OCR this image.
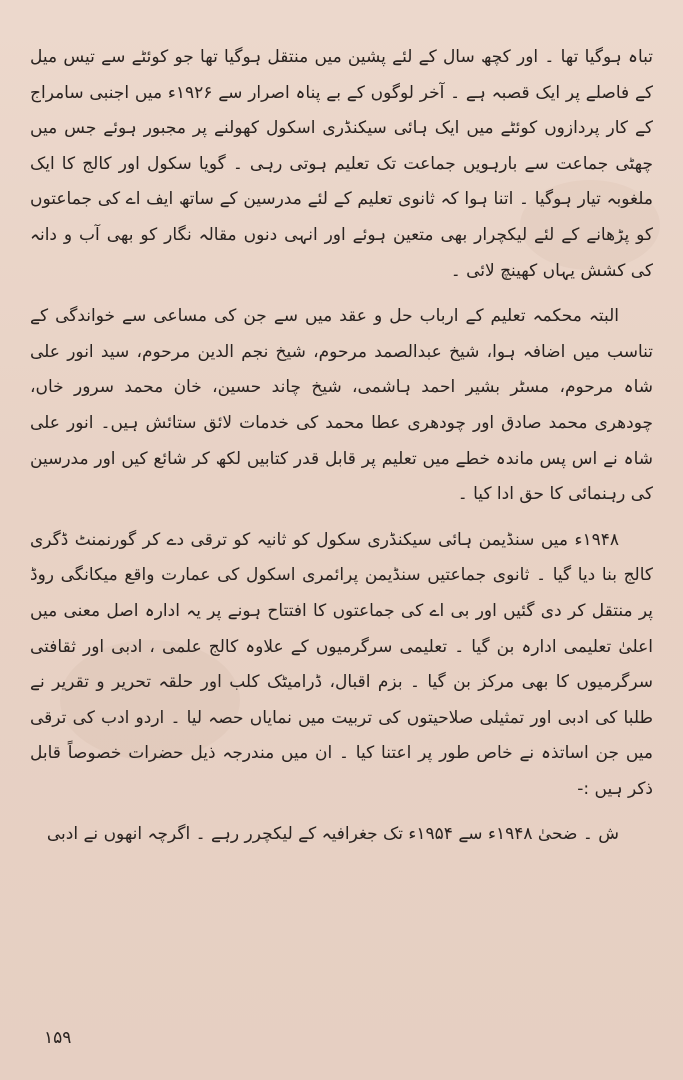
تباہ ہوگیا تھا ۔ اور کچھ سال کے لئے پشین میں منتقل ہوگیا تھا جو کوئٹے سے تیس میل کے فاصلے پر ایک قصبہ ہے ۔ آخر لوگوں کے بے پناہ اصرار سے ۱۹۲۶ء میں اجنبی سامراج کے کار پردازوں کوئٹے میں ایک ہائی سیکنڈری اسکول کھولنے پر مجبور ہوئے جس میں چھٹی جماعت سے بارہویں جماعت تک تعلیم ہوتی رہی ۔ گویا سکول اور کالج کا ایک ملغوبہ تیار ہوگیا ۔ اتنا ہوا کہ ثانوی تعلیم کے لئے مدرسین کے ساتھ ایف اے کی جماعتوں کو پڑھانے کے لئے لیکچرار بھی متعین ہوئے اور انہی دنوں مقالہ نگار کو بھی آب و دانہ کی کشش یہاں کھینچ لائی ۔

البتہ محکمہ تعلیم کے ارباب حل و عقد میں سے جن کی مساعی سے خواندگی کے تناسب میں اضافہ ہوا، شیخ عبدالصمد مرحوم، شیخ نجم الدین مرحوم، سید انور علی شاہ مرحوم، مسٹر بشیر احمد ہاشمی، شیخ چاند حسین، خان محمد سرور خاں، چودھری محمد صادق اور چودھری عطا محمد کی خدمات لائق ستائش ہیں۔ انور علی شاہ نے اس پس ماندہ خطے میں تعلیم پر قابل قدر کتابیں لکھ کر شائع کیں اور مدرسین کی رہنمائی کا حق ادا کیا ۔

۱۹۴۸ء میں سنڈیمن ہائی سیکنڈری سکول کو ثانیہ کو ترقی دے کر گورنمنٹ ڈگری کالج بنا دیا گیا ۔ ثانوی جماعتیں سنڈیمن پرائمری اسکول کی عمارت واقع میکانگی روڈ پر منتقل کر دی گئیں اور بی اے کی جماعتوں کا افتتاح ہونے پر یہ ادارہ اصل معنی میں اعلیٰ تعلیمی ادارہ بن گیا ۔ تعلیمی سرگرمیوں کے علاوہ کالج علمی ، ادبی اور ثقافتی سرگرمیوں کا بھی مرکز بن گیا ۔ بزم اقبال، ڈرامیٹک کلب اور حلقہ تحریر و تقریر نے طلبا کی ادبی اور تمثیلی صلاحیتوں کی تربیت میں نمایاں حصہ لیا ۔ اردو ادب کی ترقی میں جن اساتذہ نے خاص طور پر اعتنا کیا ۔ ان میں مندرجہ ذیل حضرات خصوصاً قابل ذکر ہیں :-

ش ۔ ضحیٰ ۱۹۴۸ء سے ۱۹۵۴ء تک جغرافیہ کے لیکچرر رہے ۔ اگرچہ انھوں نے ادبی

۱۵۹
